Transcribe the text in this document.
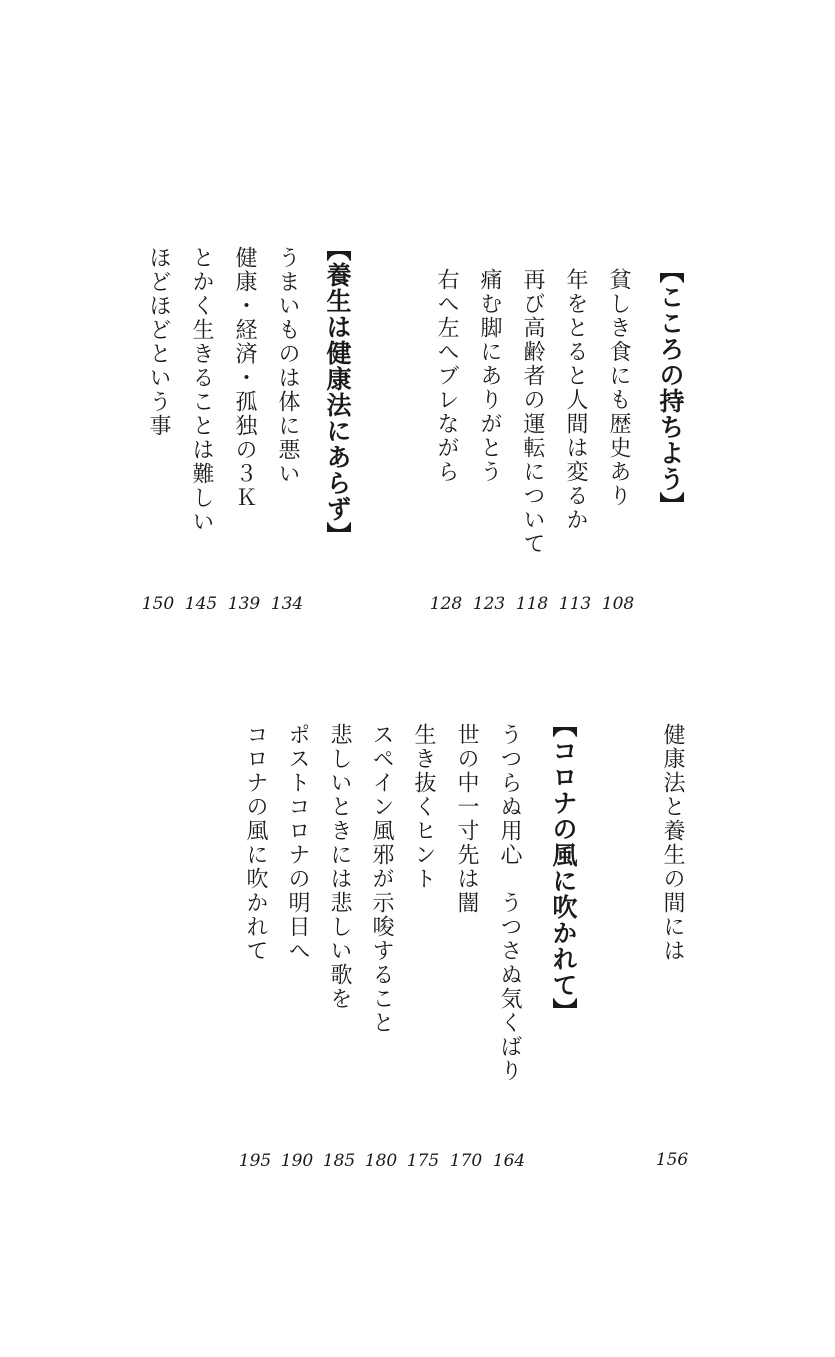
【こころの持ちよう】
貧しき食にも歴史あり
年をとると人間は変るか
再び高齢者の運転について
痛む脚にありがとう
右へ左へブレながら
【養生は健康法にあらず】
うまいものは体に悪い
健康・経済・孤独の３Ｋ
とかく生きることは難しい
ほどほどという事
108
113
118
123
128
134
139
145
150
健康法と養生の間には
【コロナの風に吹かれて】
うつらぬ用心　うつさぬ気くばり
世の中一寸先は闇
生き抜くヒント
スペイン風邪が示唆すること
悲しいときには悲しい歌を
ポストコロナの明日へ
コロナの風に吹かれて
156
164
170
175
180
185
190
195
